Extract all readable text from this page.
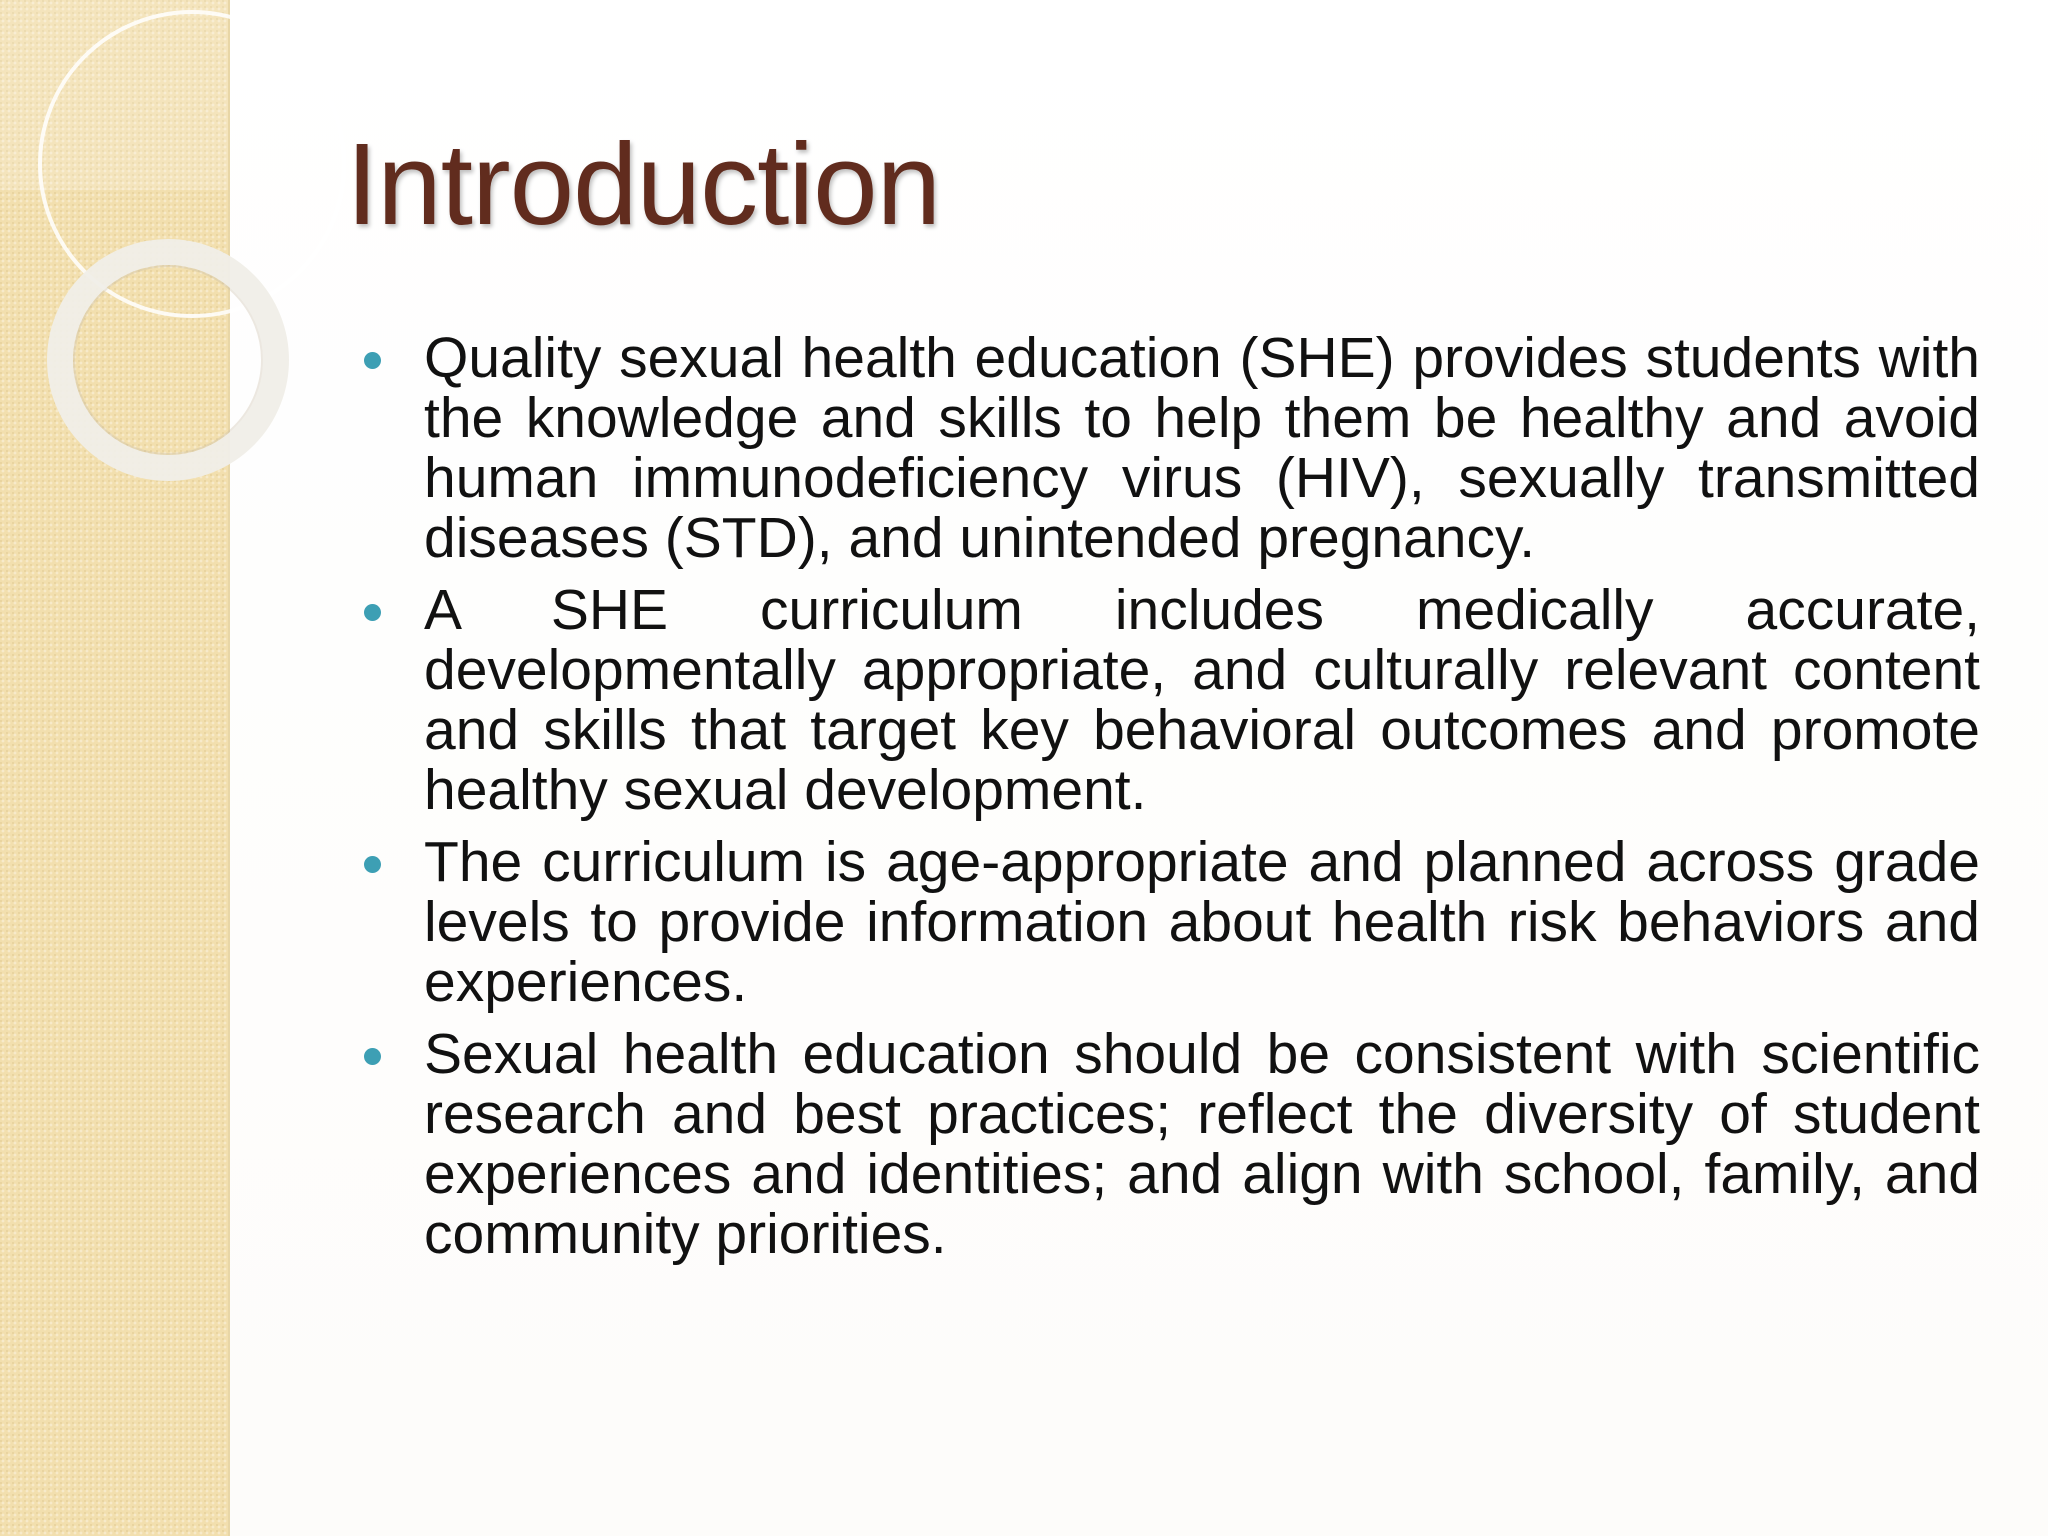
Introduction
Quality sexual health education (SHE) provides students with the knowledge and skills to help them be healthy and avoid human immunodeficiency virus (HIV), sexually transmitted diseases (STD), and unintended pregnancy.
A SHE curriculum includes medically accurate, developmentally appropriate, and culturally relevant content and skills that target key behavioral outcomes and promote healthy sexual development.
The curriculum is age-appropriate and planned across grade levels to provide information about health risk behaviors and experiences.
Sexual health education should be consistent with scientific research and best practices; reflect the diversity of student experiences and identities; and align with school, family, and community priorities.
